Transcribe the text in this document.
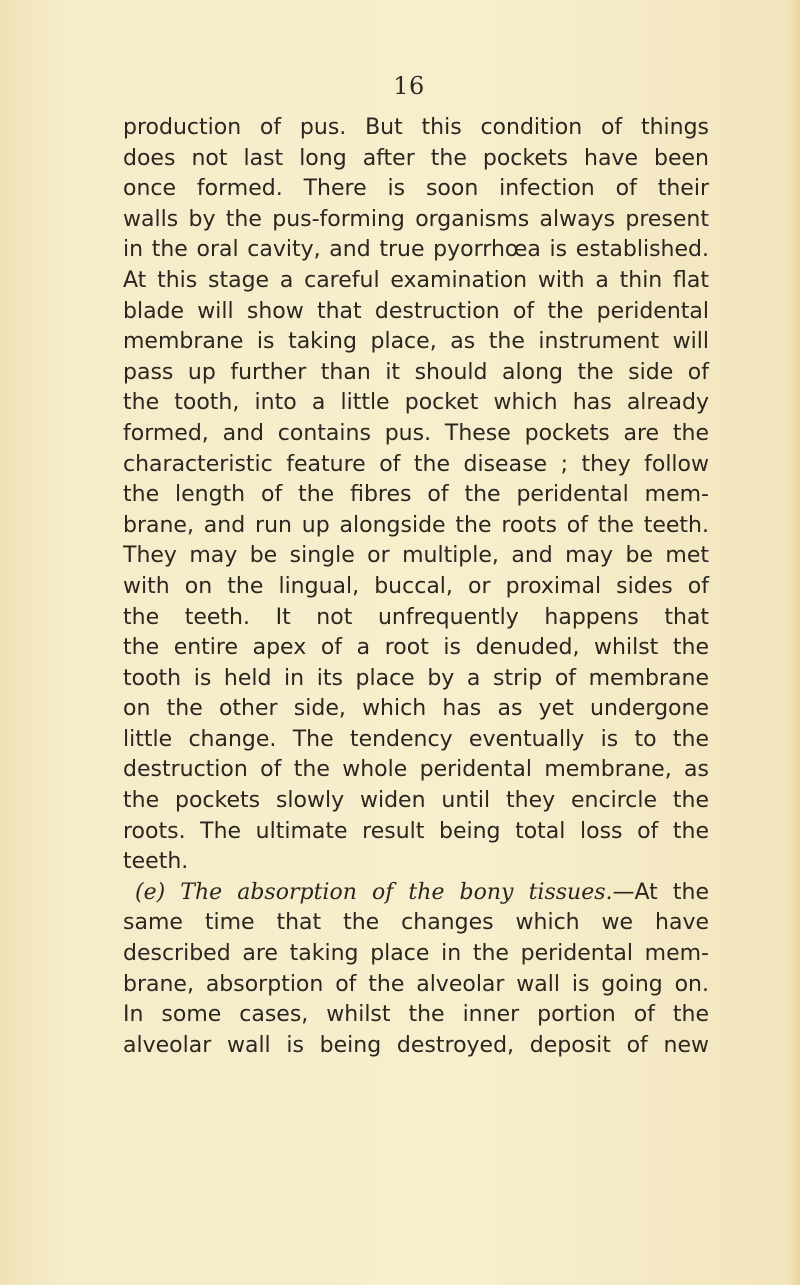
16
production of pus. But this condition of things
does not last long after the pockets have been
once formed. There is soon infection of their
walls by the pus-forming organisms always present
in the oral cavity, and true pyorrhœa is established.
At this stage a careful examination with a thin flat
blade will show that destruction of the peridental
membrane is taking place, as the instrument will
pass up further than it should along the side of
the tooth, into a little pocket which has already
formed, and contains pus. These pockets are the
characteristic feature of the disease ; they follow
the length of the fibres of the peridental mem-
brane, and run up alongside the roots of the teeth.
They may be single or multiple, and may be met
with on the lingual, buccal, or proximal sides of
the teeth. It not unfrequently happens that
the entire apex of a root is denuded, whilst the
tooth is held in its place by a strip of membrane
on the other side, which has as yet undergone
little change. The tendency eventually is to the
destruction of the whole peridental membrane, as
the pockets slowly widen until they encircle the
roots. The ultimate result being total loss of the
teeth.
(e) The absorption of the bony tissues.—At the
same time that the changes which we have
described are taking place in the peridental mem-
brane, absorption of the alveolar wall is going on.
In some cases, whilst the inner portion of the
alveolar wall is being destroyed, deposit of new
